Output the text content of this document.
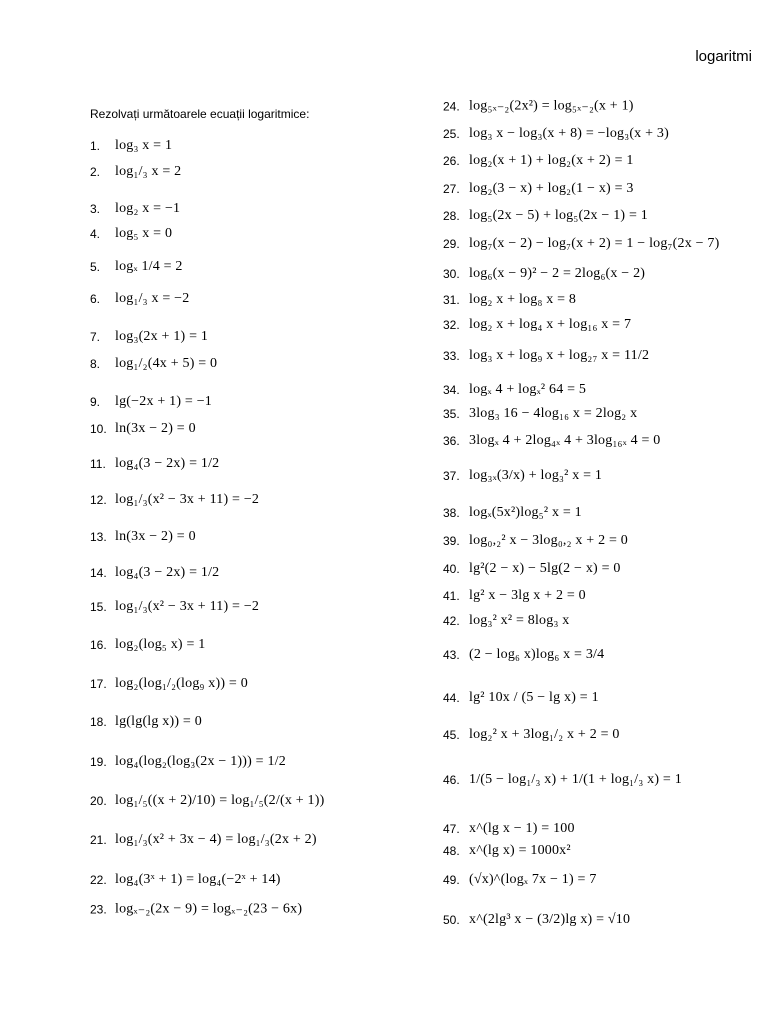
logaritmi
Rezolvați următoarele ecuații logaritmice:
1.	log₃ x = 1
2.	log₁/₃ x = 2
3.	log₂ x = −1
4.	log₅ x = 0
5.	logₓ 1/4 = 2
6.	log₁/₃ x = −2
7.	log₃(2x + 1) = 1
8.	log₁/₂(4x + 5) = 0
9.	lg(−2x + 1) = −1
10. ln(3x − 2) = 0
11. log₄(3 − 2x) = 1/2
12. log₁/₃(x² − 3x + 11) = −2
13. ln(3x − 2) = 0
14. log₄(3 − 2x) = 1/2
15. log₁/₃(x² − 3x + 11) = −2
16. log₂(log₅ x) = 1
17. log₂(log₁/₂(log₉ x)) = 0
18. lg(lg(lg x)) = 0
19. log₄(log₂(log₃(2x − 1))) = 1/2
20. log₁/₅((x + 2)/10) = log₁/₅(2/(x + 1))
21. log₁/₃(x² + 3x − 4) = log₁/₃(2x + 2)
22. log₄(3ˣ + 1) = log₄(−2ˣ + 14)
23. logₓ₋₂(2x − 9) = logₓ₋₂(23 − 6x)
24. log₅ₓ₋₂(2x²) = log₅ₓ₋₂(x + 1)
25. log₃ x − log₃(x + 8) = −log₃(x + 3)
26. log₂(x + 1) + log₂(x + 2) = 1
27. log₂(3 − x) + log₂(1 − x) = 3
28. log₅(2x − 5) + log₅(2x − 1) = 1
29. log₇(x − 2) − log₇(x + 2) = 1 − log₇(2x − 7)
30. log₆(x − 9)² − 2 = 2log₆(x − 2)
31. log₂ x + log₈ x = 8
32. log₂ x + log₄ x + log₁₆ x = 7
33. log₃ x + log₉ x + log₂₇ x = 11/2
34. logₓ 4 + logₓ² 64 = 5
35. 3log₃ 16 − 4log₁₆ x = 2log₂ x
36. 3logₓ 4 + 2log₄ₓ 4 + 3log₁₆ₓ 4 = 0
37. log₃ₓ(3/x) + log₃² x = 1
38. logₓ(5x²)log₅² x = 1
39. log₀,₂² x − 3log₀,₂ x + 2 = 0
40. lg²(2 − x) − 5lg(2 − x) = 0
41. lg² x − 3lg x + 2 = 0
42. log₃² x² = 8log₃ x
43. (2 − log₆ x)log₆ x = 3/4
44. lg² 10x / (5 − lg x) = 1
45. log₂² x + 3log₁/₂ x + 2 = 0
46. 1/(5 − log₁/₃ x) + 1/(1 + log₁/₃ x) = 1
47. x^(lg x − 1) = 100
48. x^(lg x) = 1000x²
49. (√x)^(logₓ 7x − 1) = 7
50. x^(2lg³ x − (3/2)lg x) = √10
